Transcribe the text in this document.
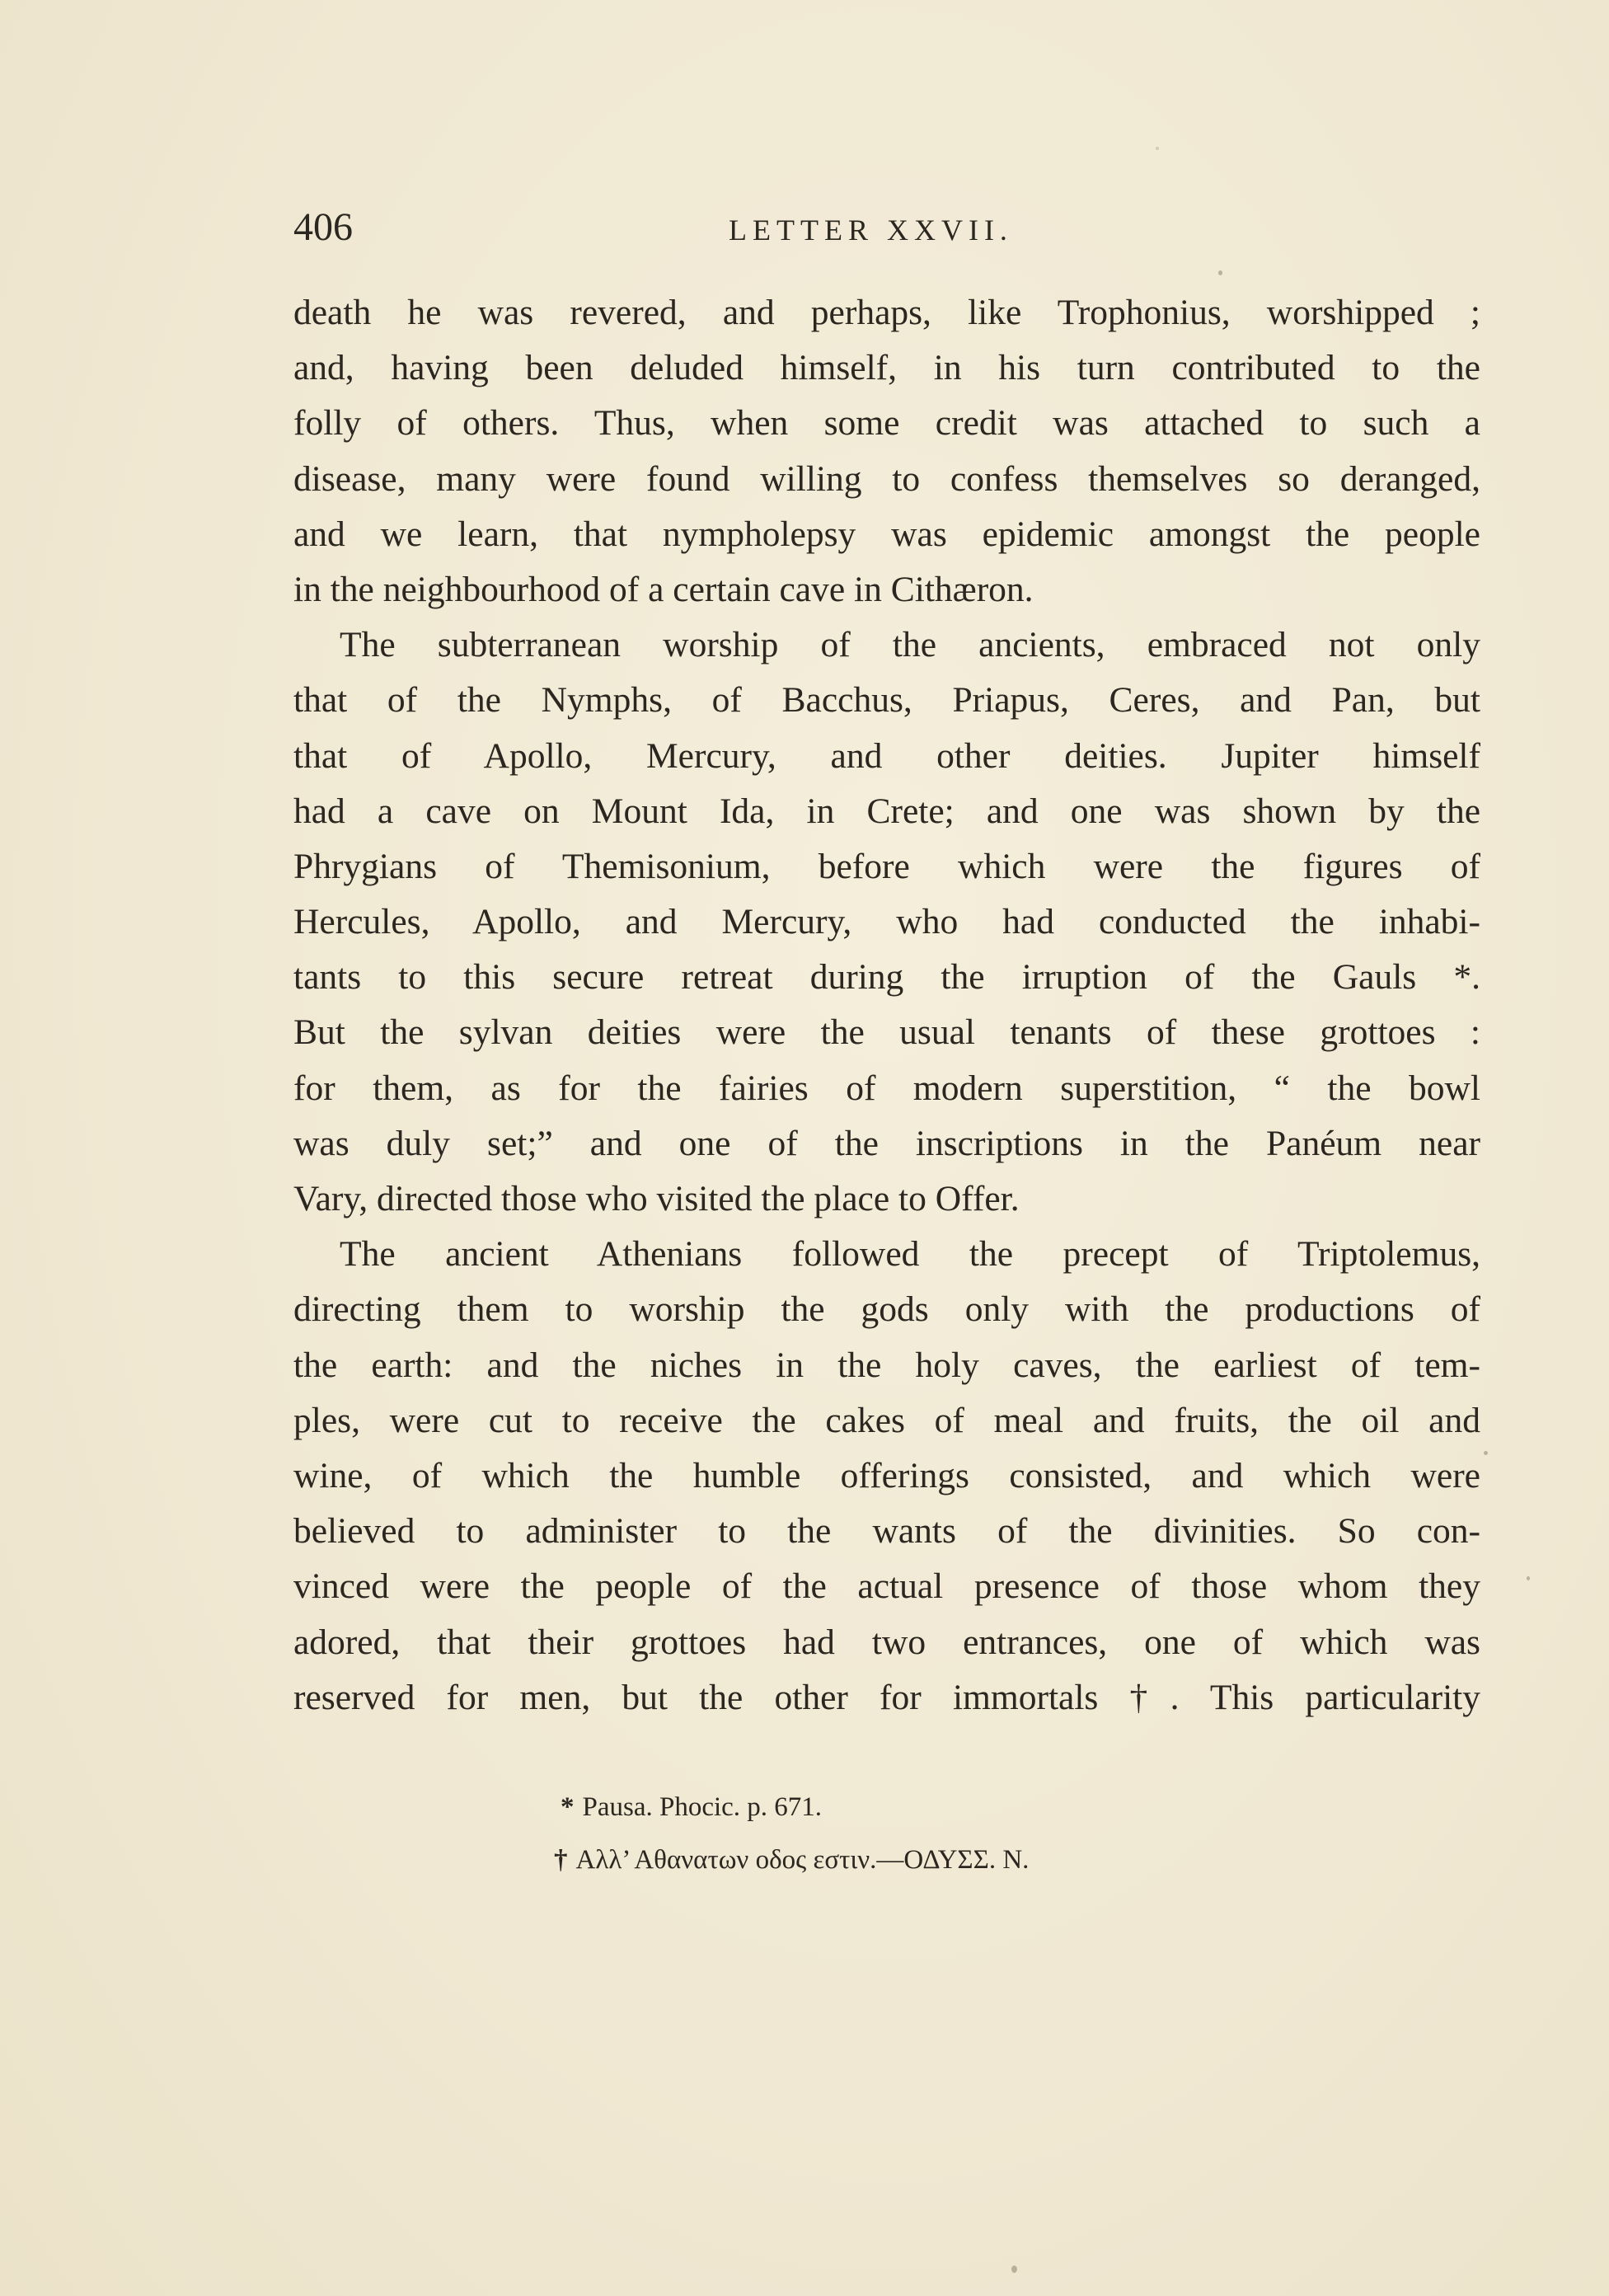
406	LETTER XXVII.
death he was revered, and perhaps, like Trophonius, worshipped ;
and, having been deluded himself, in his turn contributed to the
folly of others. Thus, when some credit was attached to such a
disease, many were found willing to confess themselves so deranged,
and we learn, that nympholepsy was epidemic amongst the people
in the neighbourhood of a certain cave in Cithæron.
The subterranean worship of the ancients, embraced not only
that of the Nymphs, of Bacchus, Priapus, Ceres, and Pan, but
that of Apollo, Mercury, and other deities. Jupiter himself
had a cave on Mount Ida, in Crete; and one was shown by the
Phrygians of Themisonium, before which were the figures of
Hercules, Apollo, and Mercury, who had conducted the inhabi-
tants to this secure retreat during the irruption of the Gauls *.
But the sylvan deities were the usual tenants of these grottoes :
for them, as for the fairies of modern superstition, “ the bowl
was duly set;” and one of the inscriptions in the Panéum near
Vary, directed those who visited the place to Offer.
The ancient Athenians followed the precept of Triptolemus,
directing them to worship the gods only with the productions of
the earth: and the niches in the holy caves, the earliest of tem-
ples, were cut to receive the cakes of meal and fruits, the oil and
wine, of which the humble offerings consisted, and which were
believed to administer to the wants of the divinities. So con-
vinced were the people of the actual presence of those whom they
adored, that their grottoes had two entrances, one of which was
reserved for men, but the other for immortals †. This particularity
* Pausa. Phocic. p. 671.
† Αλλ’ Αθανατων οδος εστιν.—ΟΔΥΣΣ. Ν.
